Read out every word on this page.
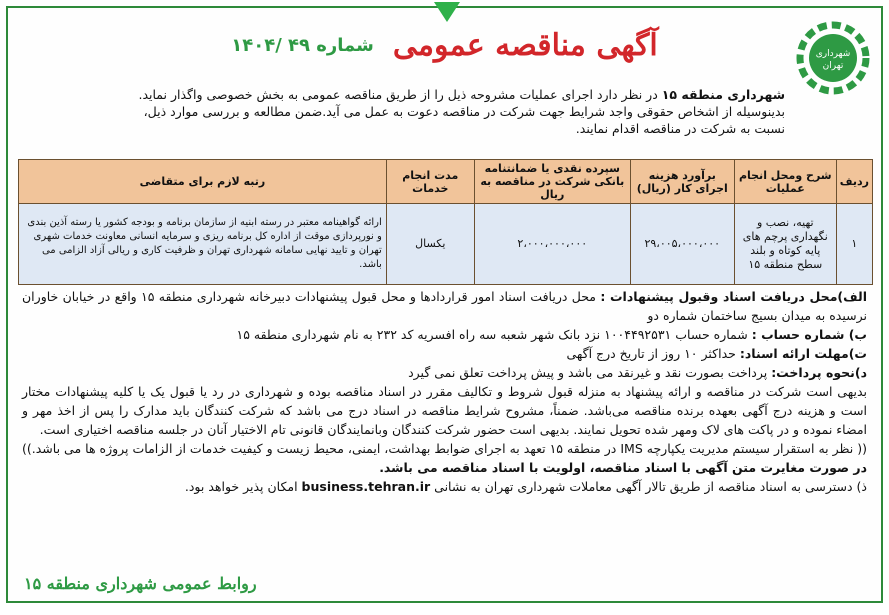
شهرداری
تهران
آگهی مناقصه عمومی شماره ۴۹ /۱۴۰۴
شهرداری منطقه ۱۵ در نظر دارد اجرای عملیات مشروحه ذیل را از طریق مناقصه عمومی به بخش خصوصی واگذار نماید.
بدینوسیله از اشخاص حقوقی واجد شرایط جهت شرکت در مناقصه دعوت به عمل می آید.ضمن مطالعه و بررسی موارد ذیل،
نسبت به شرکت در مناقصه اقدام نمایند.
ردیف	شرح ومحل انجام عملیات	برآورد هزینه اجرای کار (ریال)	سپرده نقدی یا ضمانتنامه بانکی شرکت در مناقصه به ریال	مدت انجام خدمات	رتبه لازم برای متقاضی
۱	تهیه، نصب و نگهداری پرچم های پایه کوتاه و بلند سطح منطقه ۱۵	۲۹،۰۰۵،۰۰۰،۰۰۰	۲،۰۰۰،۰۰۰،۰۰۰	یکسال	ارائه گواهینامه معتبر در رسته ابنیه از سازمان برنامه و بودجه کشور یا رسته آذین بندی و نورپردازی موقت از اداره کل برنامه ریزی و سرمایه انسانی معاونت خدمات شهری تهران و تایید نهایی سامانه شهرداری تهران و ظرفیت کاری و ریالی آزاد الزامی می باشد.

الف)محل دریافت اسناد وقبول پیشنهادات : محل دریافت اسناد امور قراردادها و محل قبول پیشنهادات دبیرخانه شهرداری منطقه ۱۵ واقع در خیابان خاوران نرسیده به میدان بسیج ساختمان شماره دو

ب) شماره حساب : شماره حساب ۱۰۰۴۴۹۲۵۳۱ نزد بانک شهر شعبه سه راه افسریه کد ۲۳۲ به نام شهرداری منطقه ۱۵

ت)مهلت ارائه اسناد: حداکثر ۱۰ روز از تاریخ درج آگهی

د)نحوه پرداخت: پرداخت بصورت نقد و غیرنقد می باشد و پیش پرداخت تعلق نمی گیرد

بدیهی است شرکت در مناقصه و ارائه پیشنهاد به منزله قبول شروط و تکالیف مقرر در اسناد مناقصه بوده و شهرداری در رد یا قبول یک یا کلیه پیشنهادات مختار است و هزینه درج آگهی بعهده برنده مناقصه می‌باشد. ضمناً، مشروح شرایط مناقصه در اسناد درج می باشد که شرکت کنندگان باید مدارک را پس از اخذ مهر و امضاء نموده و در پاکت های لاک ومهر شده تحویل نمایند. بدیهی است حضور شرکت کنندگان وبانمایندگان قانونی تام الاختیار آنان در جلسه مناقصه اختیاری است.

(( نظر به استقرار سیستم مدیریت یکپارچه IMS در منطقه ۱۵ تعهد به اجرای ضوابط بهداشت، ایمنی، محیط زیست و کیفیت خدمات از الزامات پروژه ها می باشد.)) در صورت مغایرت متن آگهی با اسناد مناقصه، اولویت با اسناد مناقصه می باشد.

ذ) دسترسی به اسناد مناقصه از طریق تالار آگهی معاملات شهرداری تهران به نشانی business.tehran.ir امکان پذیر خواهد بود.

روابط عمومی شهرداری منطقه ۱۵
